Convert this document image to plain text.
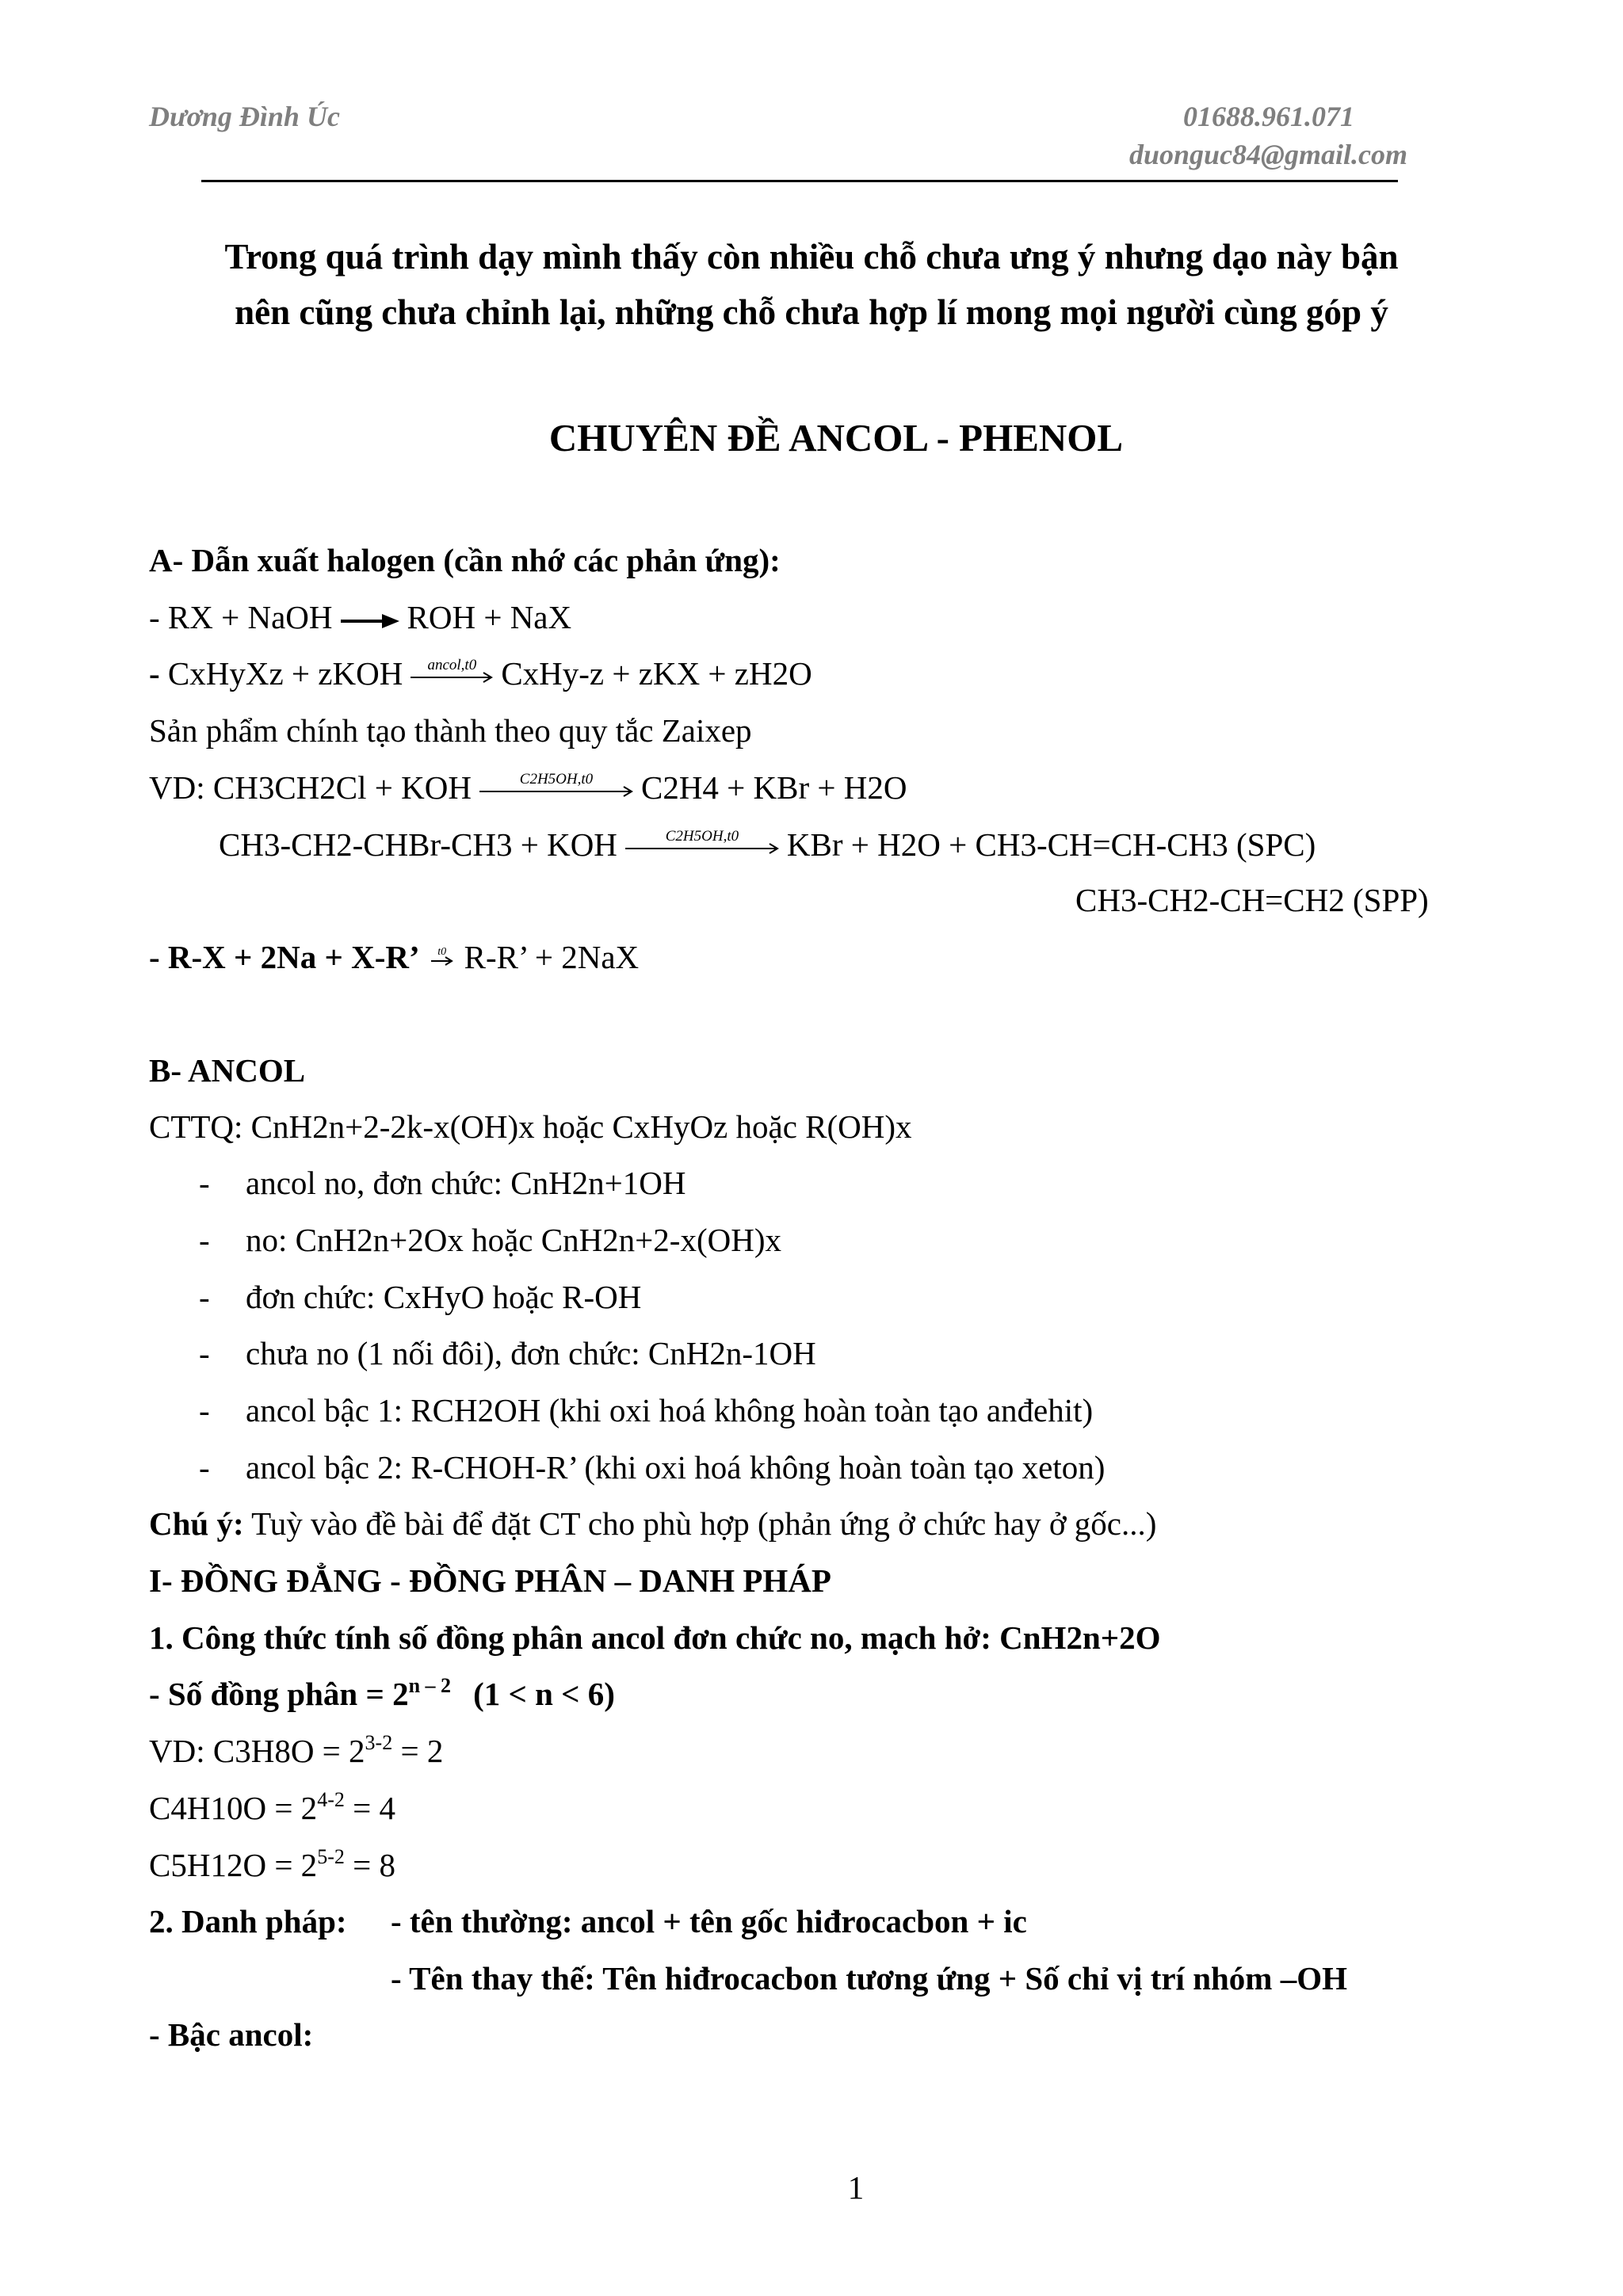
Dương Đình Úc	01688.961.071
duonguc84@gmail.com
Trong quá trình dạy mình thấy còn nhiều chỗ chưa ưng ý nhưng dạo này bận
nên cũng chưa chỉnh lại, những chỗ chưa hợp lí mong mọi người cùng góp ý
CHUYÊN ĐỀ ANCOL - PHENOL
A- Dẫn xuất halogen (cần nhớ các phản ứng):
- RX + NaOH ROH + NaX
- CxHyXz + zKOH	ancol,t0 CxHy-z + zKX + zH2O
Sản phẩm chính tạo thành theo quy tắc Zaixep
VD: CH3CH2Cl + KOH	C2H5OH,t0	C2H4 + KBr + H2O
CH3-CH2-CHBr-CH3 + KOH	C2H5OH,t0	KBr + H2O + CH3-CH=CH-CH3 (SPC)
CH3-CH2-CH=CH2 (SPP)
- R-X + 2Na + X-R’	t0 R-R’ + 2NaX
B- ANCOL
CTTQ: CnH2n+2-2k-x(OH)x hoặc CxHyOz hoặc R(OH)x
- ancol no, đơn chức: CnH2n+1OH
- no: CnH2n+2Ox hoặc CnH2n+2-x(OH)x
- đơn chức: CxHyO hoặc R-OH
- chưa no (1 nối đôi), đơn chức: CnH2n-1OH
- ancol bậc 1: RCH2OH (khi oxi hoá không hoàn toàn tạo anđehit)
- ancol bậc 2: R-CHOH-R’ (khi oxi hoá không hoàn toàn tạo xeton)
Chú ý: Tuỳ vào đề bài để đặt CT cho phù hợp (phản ứng ở chức hay ở gốc...)
I- ĐỒNG ĐẲNG - ĐỒNG PHÂN – DANH PHÁP
1. Công thức tính số đồng phân ancol đơn chức no, mạch hở: CnH2n+2O
- Số đồng phân = $2^{n - 2}$ (1 < n < 6)
VD: $C3H8O = 2^{3-2} = 2$
$C4H10O = 2^{4-2} = 4$
$C5H12O = 2^{5-2} = 8$
2. Danh pháp: - tên thường: ancol + tên gốc hiđrocacbon + ic
- Tên thay thế: Tên hiđrocacbon tương ứng + Số chỉ vị trí nhóm –OH
- Bậc ancol:
1
